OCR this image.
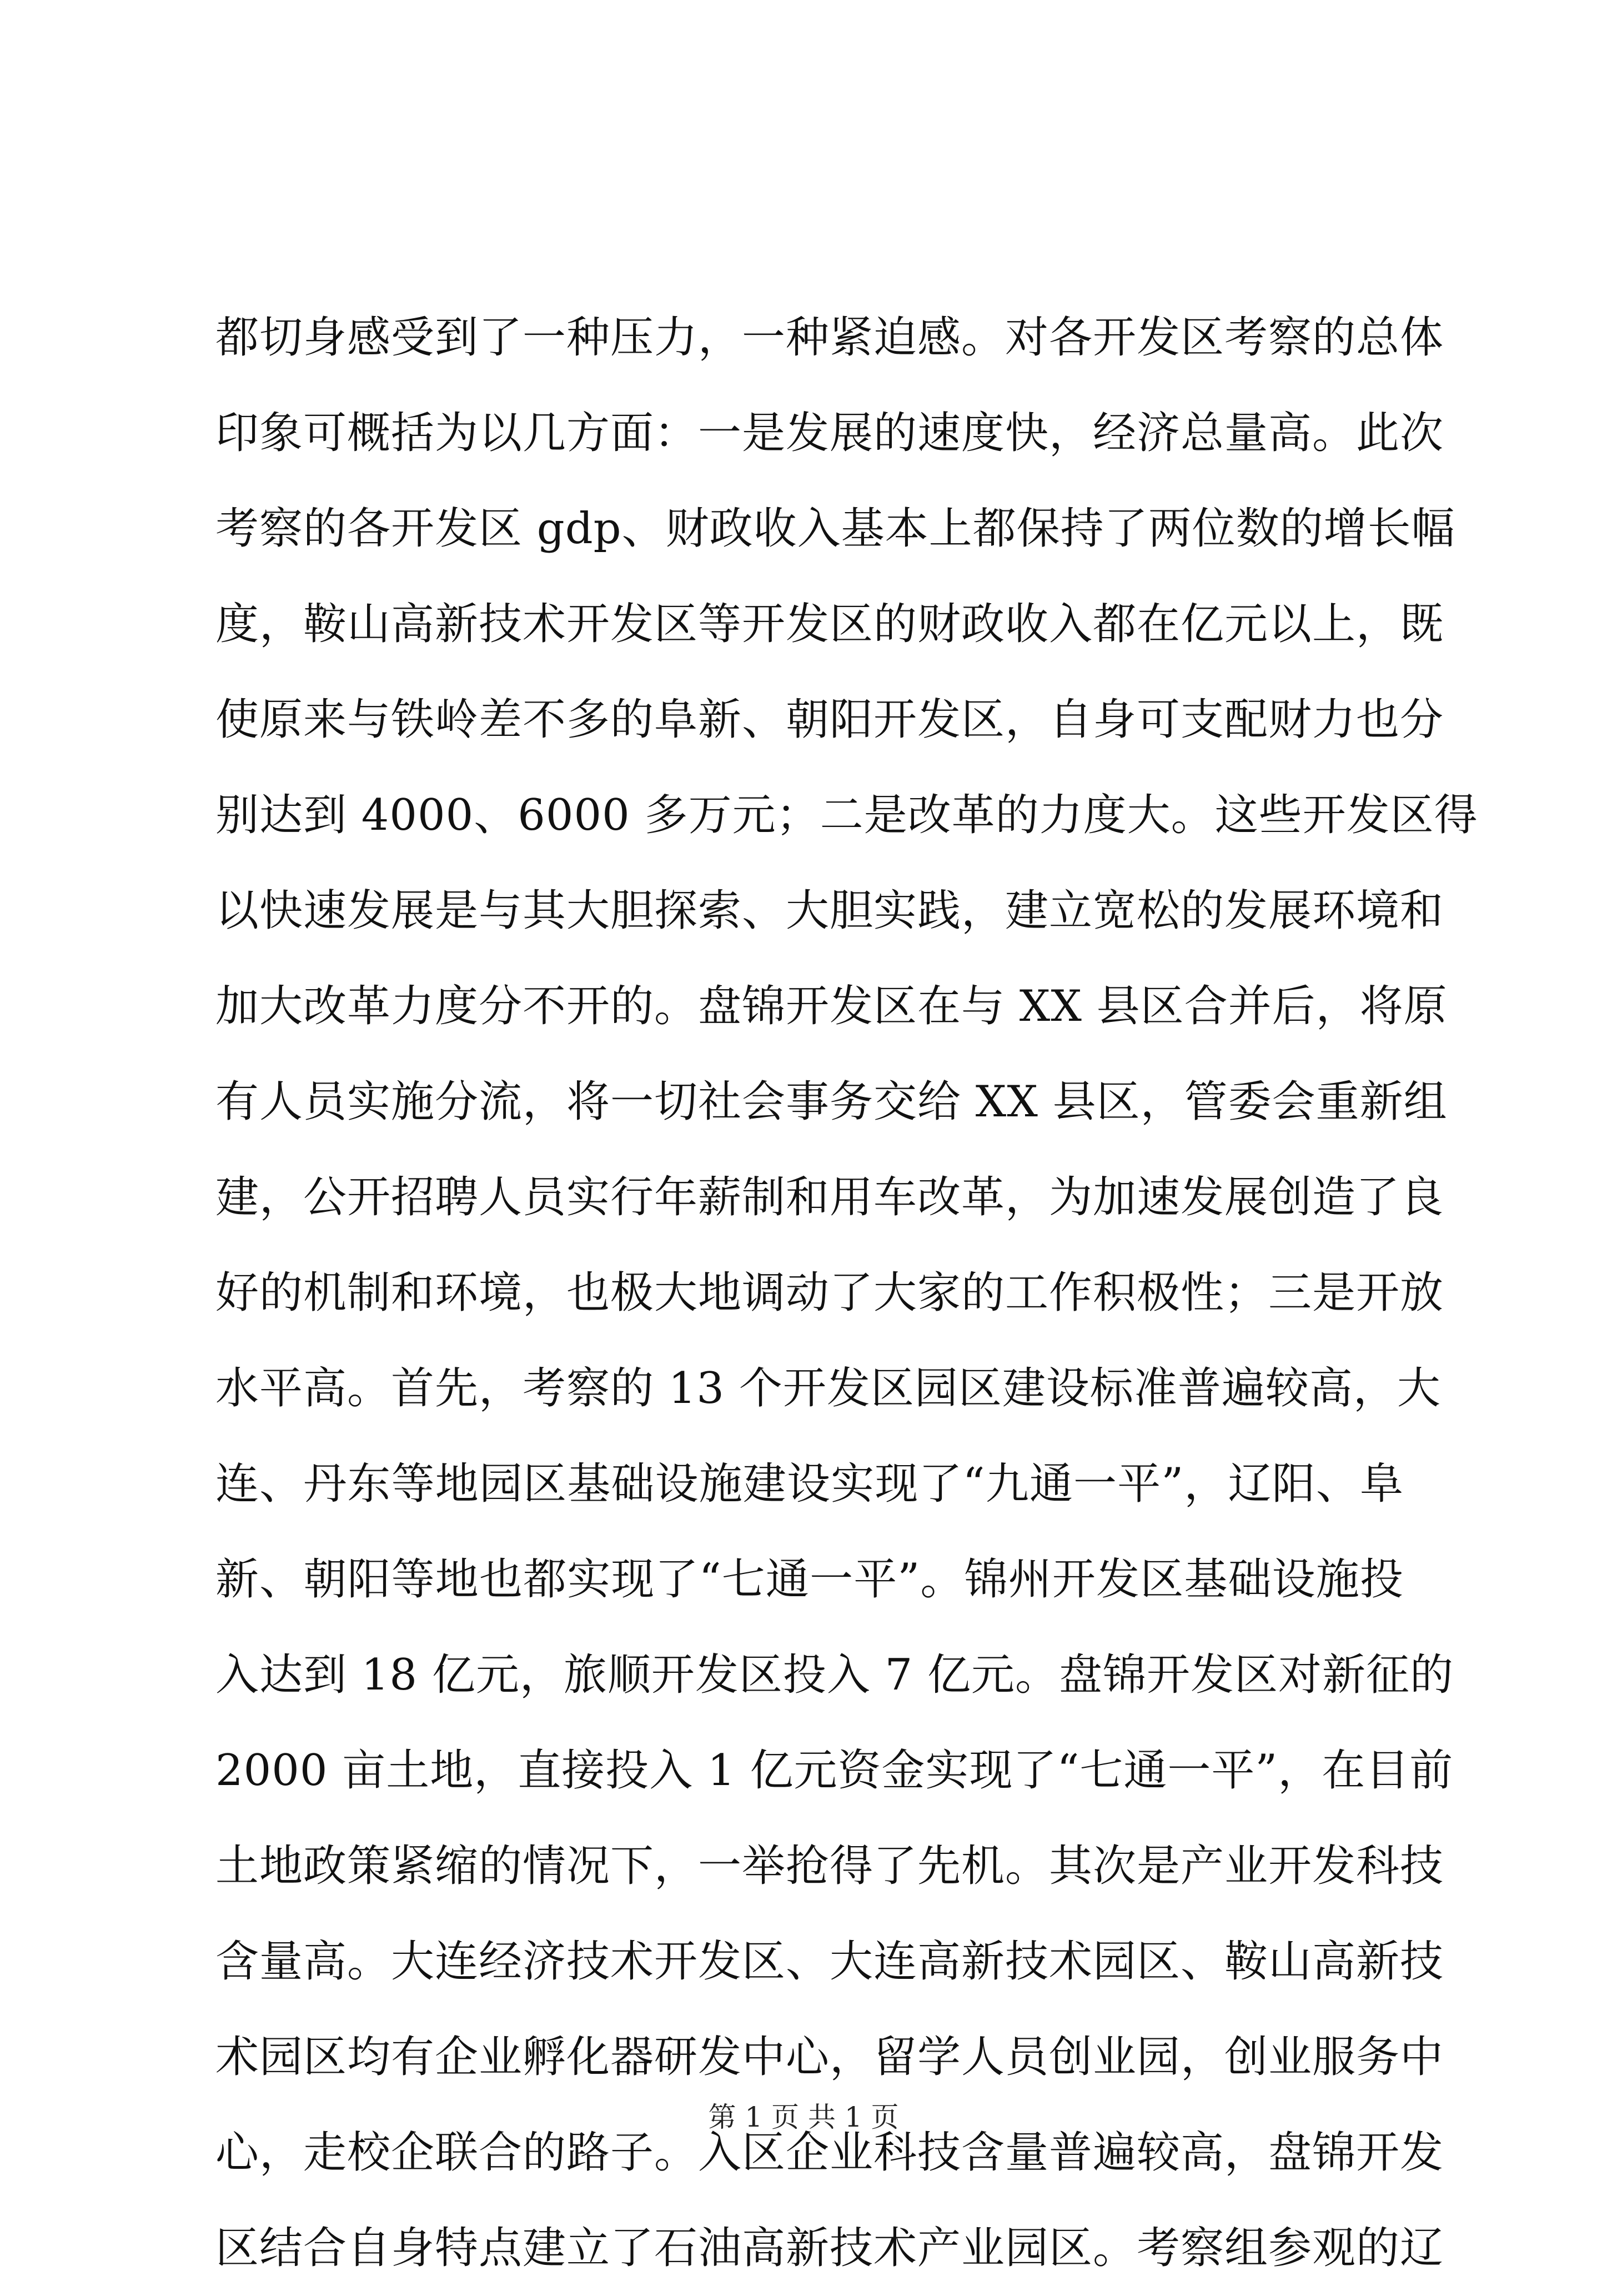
都切身感受到了一种压力，一种紧迫感。对各开发区考察的总体
印象可概括为以几方面：一是发展的速度快，经济总量高。此次
考察的各开发区 gdp、财政收入基本上都保持了两位数的增长幅
度，鞍山高新技术开发区等开发区的财政收入都在亿元以上，既
使原来与铁岭差不多的阜新、朝阳开发区，自身可支配财力也分
别达到 4000、6000 多万元；二是改革的力度大。这些开发区得
以快速发展是与其大胆探索、大胆实践，建立宽松的发展环境和
加大改革力度分不开的。盘锦开发区在与 XX 县区合并后，将原
有人员实施分流，将一切社会事务交给 XX 县区，管委会重新组
建，公开招聘人员实行年薪制和用车改革，为加速发展创造了良
好的机制和环境，也极大地调动了大家的工作积极性；三是开放
水平高。首先，考察的 13 个开发区园区建设标准普遍较高，大
连、丹东等地园区基础设施建设实现了“九通一平”，辽阳、阜
新、朝阳等地也都实现了“七通一平”。锦州开发区基础设施投
入达到 18 亿元，旅顺开发区投入 7 亿元。盘锦开发区对新征的
2000 亩土地，直接投入 1 亿元资金实现了“七通一平”，在目前
土地政策紧缩的情况下，一举抢得了先机。其次是产业开发科技
含量高。大连经济技术开发区、大连高新技术园区、鞍山高新技
术园区均有企业孵化器研发中心，留学人员创业园，创业服务中
心，走校企联合的路子。入区企业科技含量普遍较高，盘锦开发
区结合自身特点建立了石油高新技术产业园区。考察组参观的辽
第 1 页 共 1 页
